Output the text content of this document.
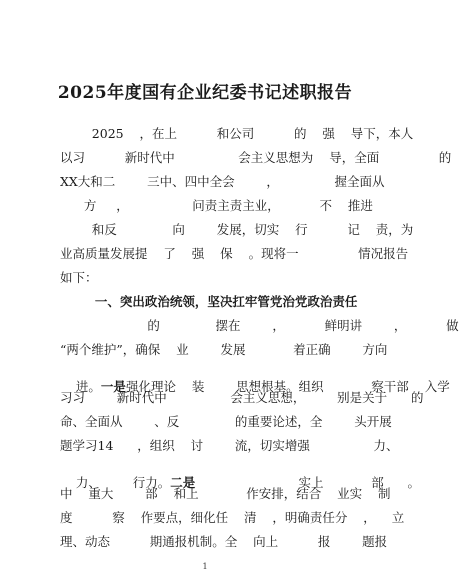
2025年度国有企业纪委书记述职报告
2025    ，在上          和公司          的    强    导下，本人
以习          新时代中                会主义思想为    导，全面               的
XX大和二        三中、四中全会        ，              握全面从
方     ，                问责主责主业，          不    推进
和反              向        发展，切实    行          记    责，为
业高质量发展提    了    强    保    。现将一               情况报告
如下：
一、突出政治统领，坚决扛牢管党治党政治责任
的              摆在        ，          鲜明讲        ，          做
“两个维护”，确保    业        发展            着正确        方向

进。一是强化理论    装        思想根基。组织            察干部    入学

习习        新时代中                会主义思想，        别是关于      的
命、全面从        、反              的重要论述，全        头开展
题学习14      ，组织    讨        流，切实增强                力、

力、        行力。二是                          实上            部      。

中    重大        部    和上            作安排，结合    业实    制
度          察    作要点，细化任    清    ，明确责任分    ，    立
理、动态          期通报机制。全    向上          报        题报
1
